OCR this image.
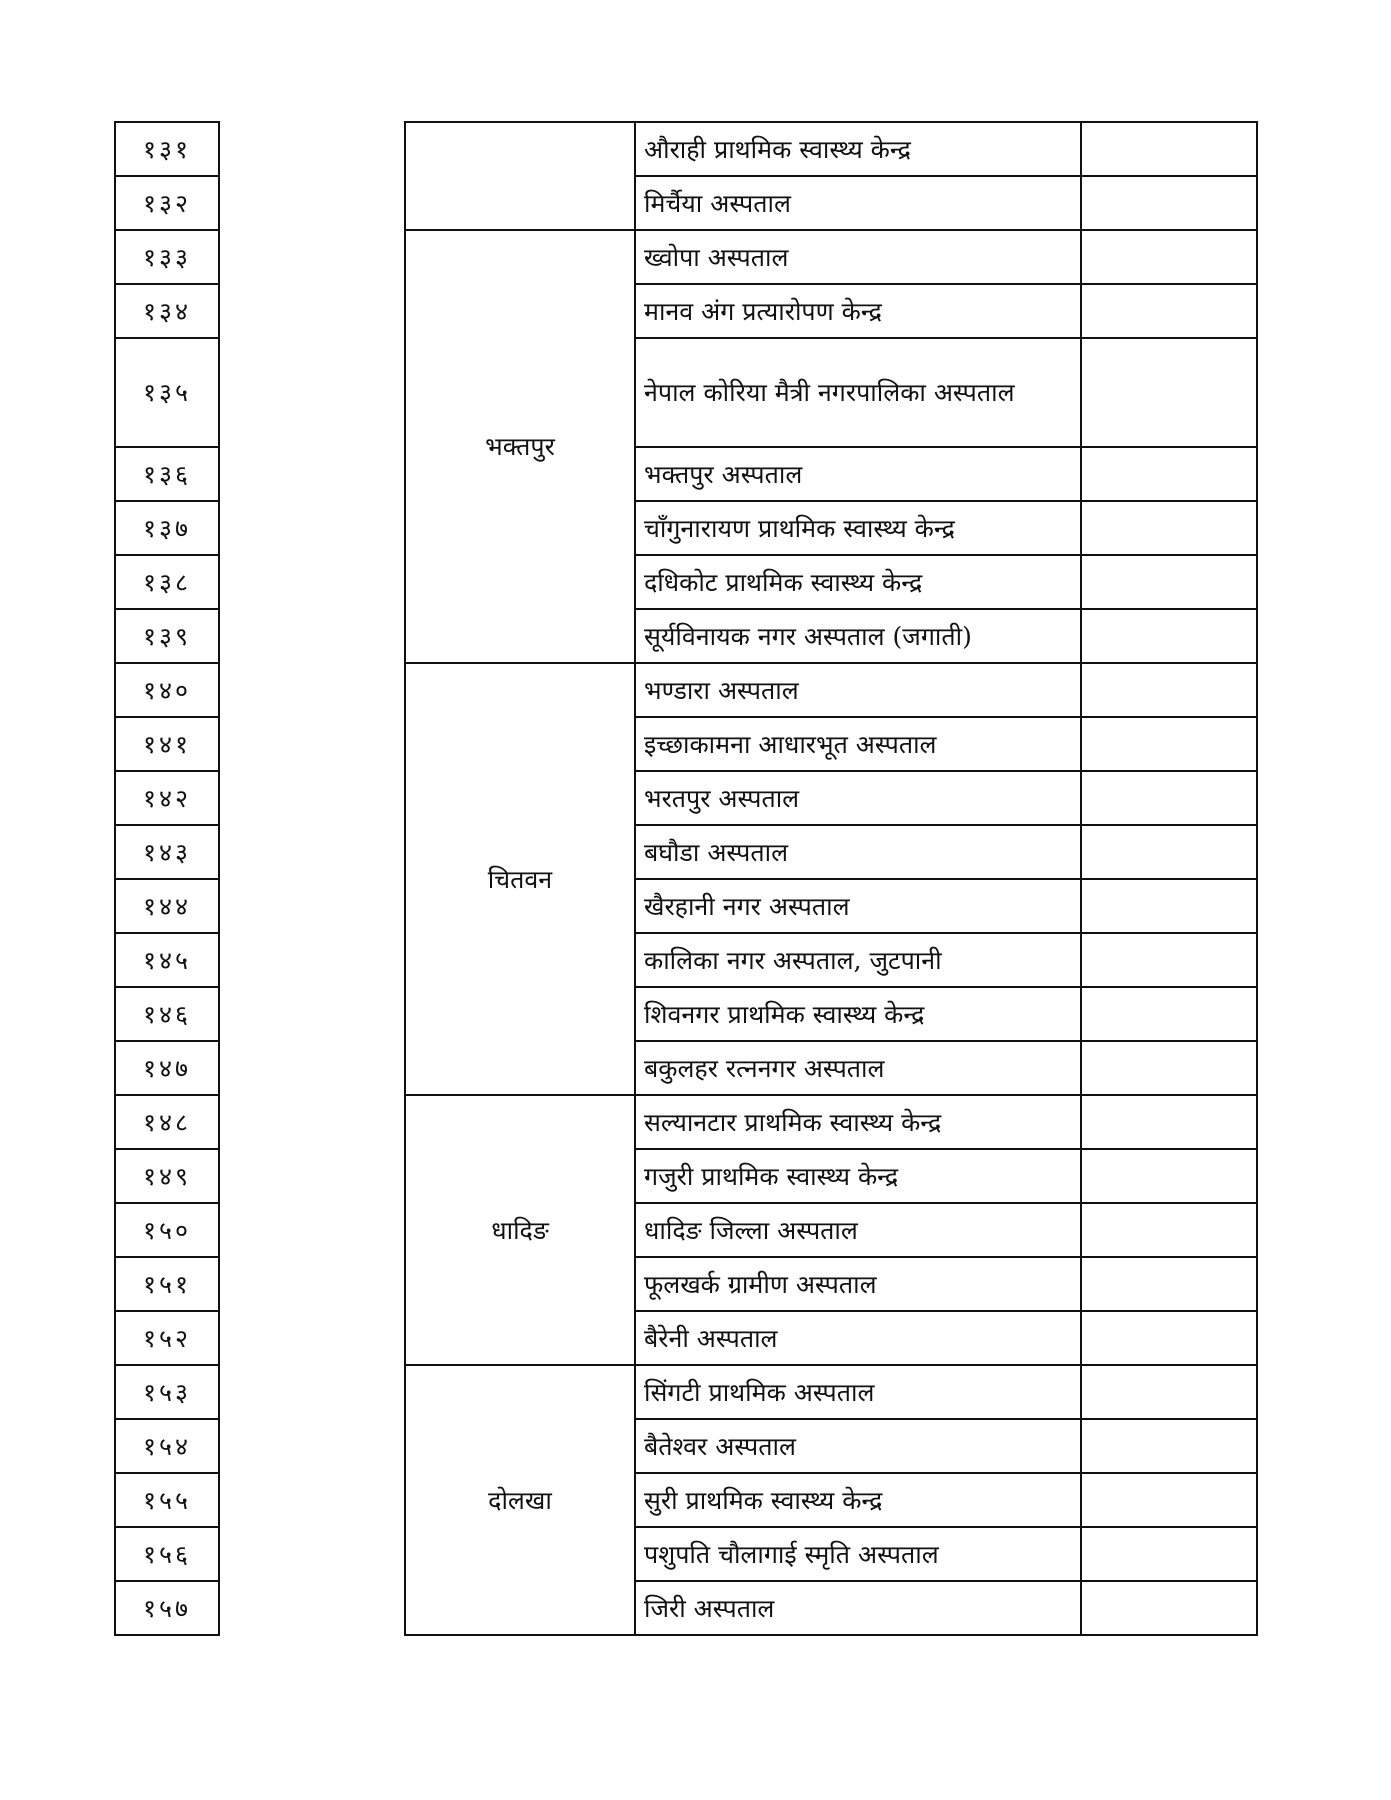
१३१			औराही प्राथमिक स्वास्थ्य केन्द्र	
१३२			मिर्चैया अस्पताल	
१३३		भक्तपुर	ख्वोपा अस्पताल	
१३४			मानव अंग प्रत्यारोपण केन्द्र	
१३५			नेपाल कोरिया मैत्री नगरपालिका अस्पताल	
१३६			भक्तपुर अस्पताल	
१३७			चाँगुनारायण प्राथमिक स्वास्थ्य केन्द्र	
१३८			दधिकोट प्राथमिक स्वास्थ्य केन्द्र	
१३९			सूर्यविनायक नगर अस्पताल (जगाती)	
१४०		चितवन	भण्डारा अस्पताल	
१४१			इच्छाकामना आधारभूत अस्पताल	
१४२			भरतपुर अस्पताल	
१४३			बघौडा अस्पताल	
१४४			खैरहानी नगर अस्पताल	
१४५			कालिका नगर अस्पताल, जुटपानी	
१४६			शिवनगर प्राथमिक स्वास्थ्य केन्द्र	
१४७			बकुलहर रत्ननगर अस्पताल	
१४८		धादिङ	सल्यानटार प्राथमिक स्वास्थ्य केन्द्र	
१४९			गजुरी प्राथमिक स्वास्थ्य केन्द्र	
१५०			धादिङ जिल्ला अस्पताल	
१५१			फूलखर्क ग्रामीण अस्पताल	
१५२			बैरेनी अस्पताल	
१५३		दोलखा	सिंगटी प्राथमिक अस्पताल	
१५४			बैतेश्वर अस्पताल	
१५५			सुरी प्राथमिक स्वास्थ्य केन्द्र	
१५६			पशुपति चौलागाई स्मृति अस्पताल	
१५७			जिरी अस्पताल	
